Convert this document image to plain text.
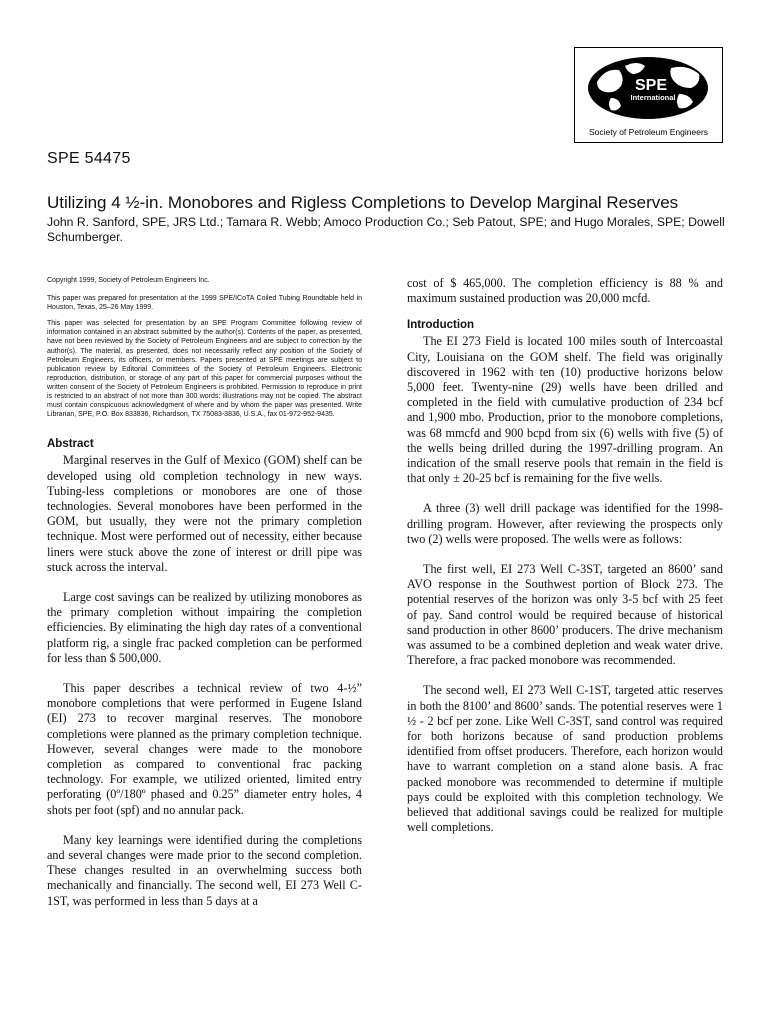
SPE
International
Society of Petroleum Engineers
SPE 54475
Utilizing 4 ½-in. Monobores and Rigless Completions to Develop Marginal Reserves
John R. Sanford, SPE, JRS Ltd.; Tamara R. Webb; Amoco Production Co.; Seb Patout, SPE; and Hugo Morales, SPE; Dowell Schumberger.

Copyright 1999, Society of Petroleum Engineers Inc.

This paper was prepared for presentation at the 1999 SPE/ICoTA Coiled Tubing Roundtable held in Houston, Texas, 25–26 May 1999.

This paper was selected for presentation by an SPE Program Committee following review of information contained in an abstract submitted by the author(s). Contents of the paper, as presented, have not been reviewed by the Society of Petroleum Engineers and are subject to correction by the author(s). The material, as presented, does not necessarily reflect any position of the Society of Petroleum Engineers, its officers, or members. Papers presented at SPE meetings are subject to publication review by Editorial Committees of the Society of Petroleum Engineers. Electronic reproduction, distribution, or storage of any part of this paper for commercial purposes without the written consent of the Society of Petroleum Engineers is prohibited. Permission to reproduce in print is restricted to an abstract of not more than 300 words; illustrations may not be copied. The abstract must contain conspicuous acknowledgment of where and by whom the paper was presented. Write Librarian, SPE, P.O. Box 833836, Richardson, TX 75083-3836, U.S.A., fax 01-972-952-9435.

Abstract

Marginal reserves in the Gulf of Mexico (GOM) shelf can be developed using old completion technology in new ways. Tubing-less completions or monobores are one of those technologies. Several monobores have been performed in the GOM, but usually, they were not the primary completion technique. Most were performed out of necessity, either because liners were stuck above the zone of interest or drill pipe was stuck across the interval.

Large cost savings can be realized by utilizing monobores as the primary completion without impairing the completion efficiencies. By eliminating the high day rates of a conventional platform rig, a single frac packed completion can be performed for less than $ 500,000.

This paper describes a technical review of two 4-½” monobore completions that were performed in Eugene Island (EI) 273 to recover marginal reserves. The monobore completions were planned as the primary completion technique. However, several changes were made to the monobore completion as compared to conventional frac packing technology. For example, we utilized oriented, limited entry perforating (0º/180º phased and 0.25” diameter entry holes, 4 shots per foot (spf) and no annular pack.

Many key learnings were identified during the completions and several changes were made prior to the second completion. These changes resulted in an overwhelming success both mechanically and financially. The second well, EI 273 Well C-1ST, was performed in less than 5 days at a

cost of $ 465,000. The completion efficiency is 88 % and maximum sustained production was 20,000 mcfd.

Introduction

The EI 273 Field is located 100 miles south of Intercoastal City, Louisiana on the GOM shelf. The field was originally discovered in 1962 with ten (10) productive horizons below 5,000 feet. Twenty-nine (29) wells have been drilled and completed in the field with cumulative production of 234 bcf and 1,900 mbo. Production, prior to the monobore completions, was 68 mmcfd and 900 bcpd from six (6) wells with five (5) of the wells being drilled during the 1997-drilling program. An indication of the small reserve pools that remain in the field is that only ± 20-25 bcf is remaining for the five wells.

A three (3) well drill package was identified for the 1998-drilling program. However, after reviewing the prospects only two (2) wells were proposed. The wells were as follows:

The first well, EI 273 Well C-3ST, targeted an 8600’ sand AVO response in the Southwest portion of Block 273. The potential reserves of the horizon was only 3-5 bcf with 25 feet of pay. Sand control would be required because of historical sand production in other 8600’ producers. The drive mechanism was assumed to be a combined depletion and weak water drive. Therefore, a frac packed monobore was recommended.

The second well, EI 273 Well C-1ST, targeted attic reserves in both the 8100’ and 8600’ sands. The potential reserves were 1 ½ - 2 bcf per zone. Like Well C-3ST, sand control was required for both horizons because of sand production problems identified from offset producers. Therefore, each horizon would have to warrant completion on a stand alone basis. A frac packed monobore was recommended to determine if multiple pays could be exploited with this completion technology. We believed that additional savings could be realized for multiple well completions.
